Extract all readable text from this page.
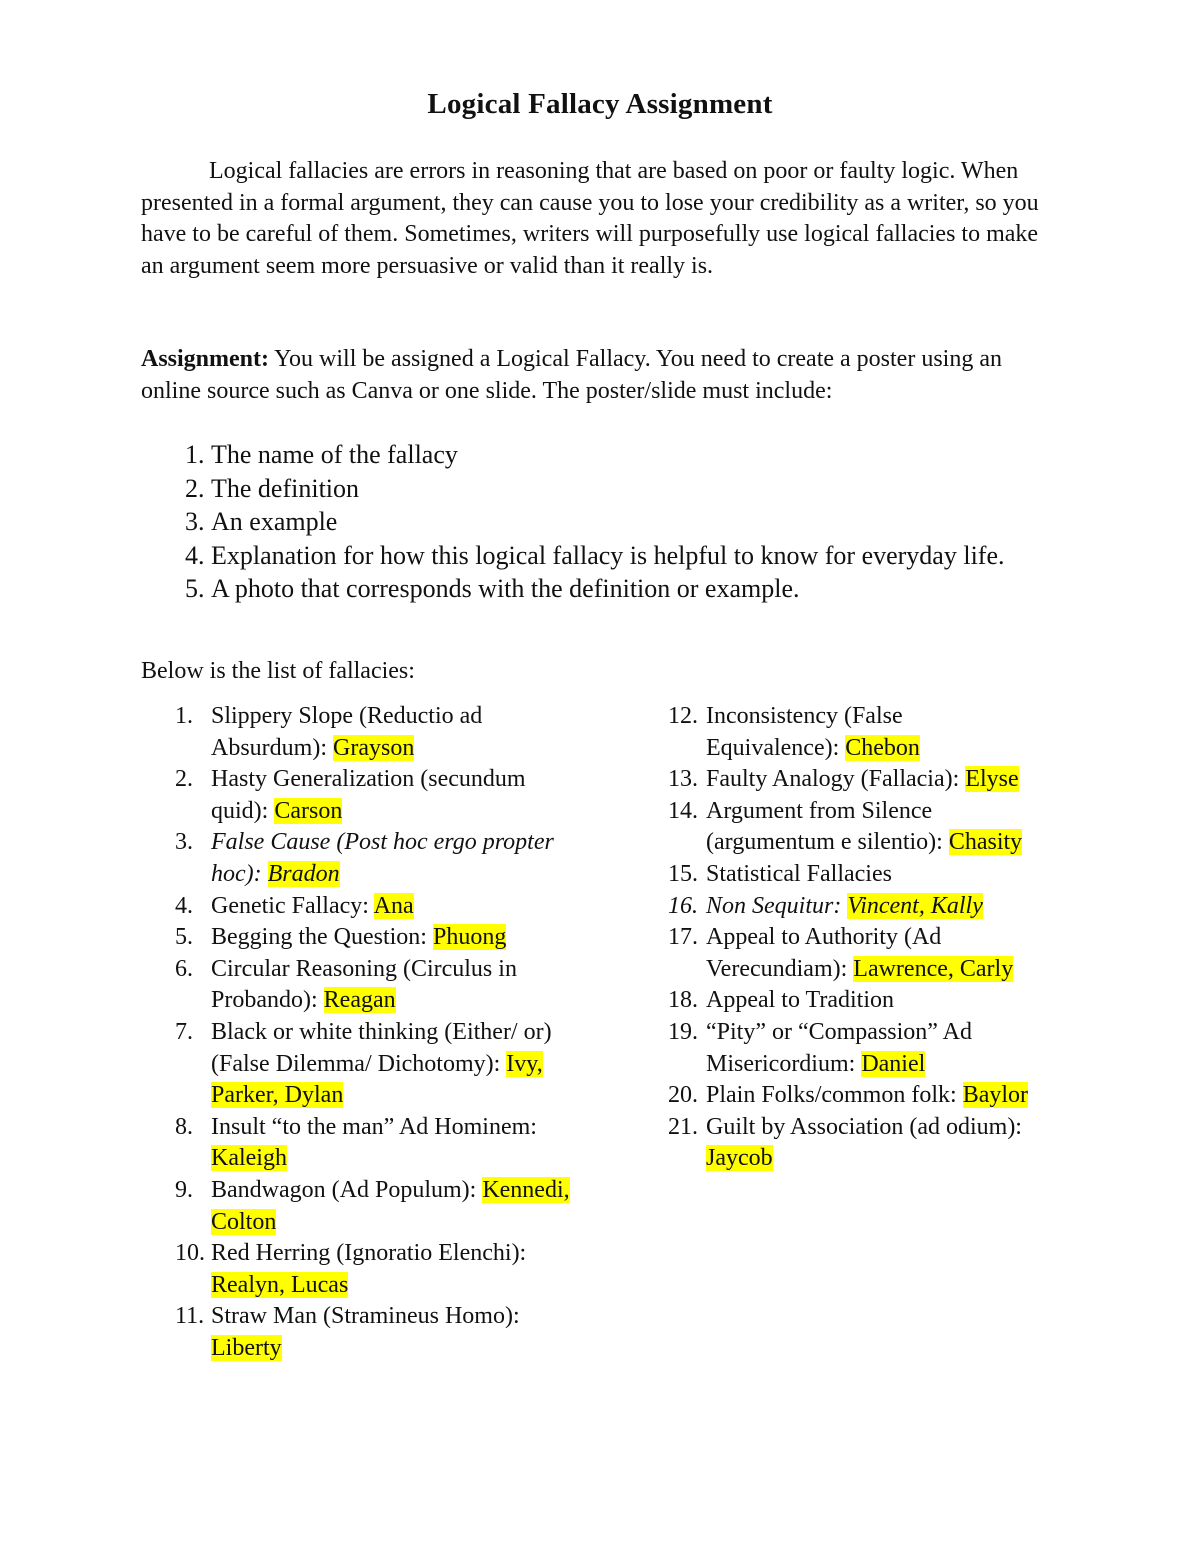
Logical Fallacy Assignment

Logical fallacies are errors in reasoning that are based on poor or faulty logic. When presented in a formal argument, they can cause you to lose your credibility as a writer, so you have to be careful of them. Sometimes, writers will purposefully use logical fallacies to make an argument seem more persuasive or valid than it really is.

Assignment: You will be assigned a Logical Fallacy. You need to create a poster using an online source such as Canva or one slide. The poster/slide must include:

1. The name of the fallacy
2. The definition
3. An example
4. Explanation for how this logical fallacy is helpful to know for everyday life.
5. A photo that corresponds with the definition or example.
Below is the list of fallacies:
1. Slippery Slope (Reductio ad Absurdum): Grayson
2. Hasty Generalization (secundum quid): Carson
3. False Cause (Post hoc ergo propter hoc): Bradon
4. Genetic Fallacy: Ana
5. Begging the Question: Phuong
6. Circular Reasoning (Circulus in Probando): Reagan
7. Black or white thinking (Either/ or) (False Dilemma/ Dichotomy): Ivy, Parker, Dylan
8. Insult “to the man” Ad Hominem: Kaleigh
9. Bandwagon (Ad Populum): Kennedi, Colton
10. Red Herring (Ignoratio Elenchi): Realyn, Lucas
11. Straw Man (Stramineus Homo): Liberty
12. Inconsistency (False Equivalence): Chebon
13. Faulty Analogy (Fallacia): Elyse
14. Argument from Silence (argumentum e silentio): Chasity
15. Statistical Fallacies
16. Non Sequitur: Vincent, Kally
17. Appeal to Authority (Ad Verecundiam): Lawrence, Carly
18. Appeal to Tradition
19. “Pity” or “Compassion” Ad Misericordium: Daniel
20. Plain Folks/common folk: Baylor
21. Guilt by Association (ad odium): Jaycob
